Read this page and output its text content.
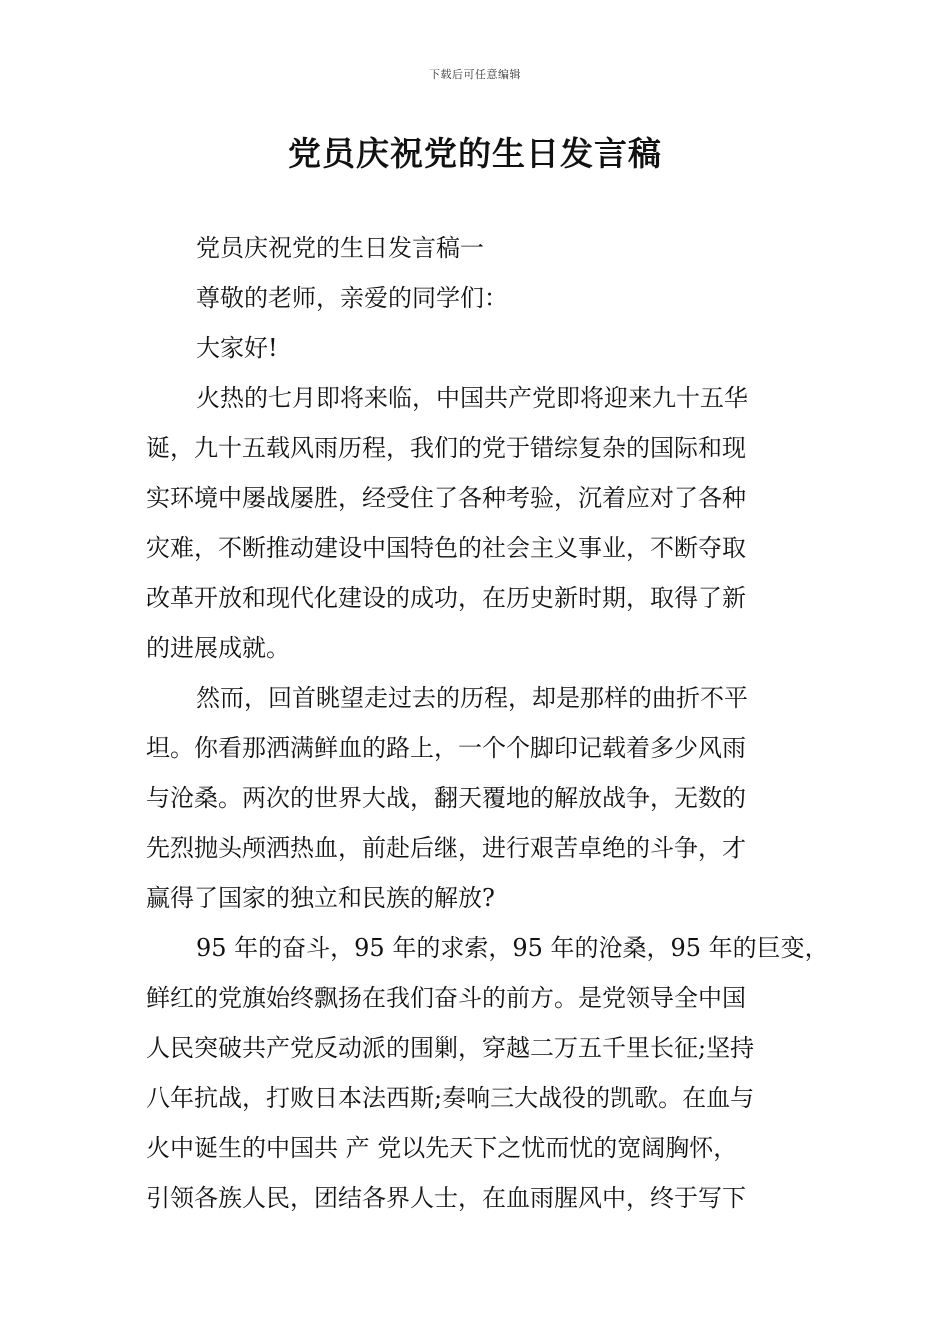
下载后可任意编辑
党员庆祝党的生日发言稿
党员庆祝党的生日发言稿一
尊敬的老师，亲爱的同学们：
大家好!
火热的七月即将来临，中国共产党即将迎来九十五华
诞，九十五载风雨历程，我们的党于错综复杂的国际和现
实环境中屡战屡胜，经受住了各种考验，沉着应对了各种
灾难，不断推动建设中国特色的社会主义事业，不断夺取
改革开放和现代化建设的成功，在历史新时期，取得了新
的进展成就。
然而，回首眺望走过去的历程，却是那样的曲折不平
坦。你看那洒满鲜血的路上，一个个脚印记载着多少风雨
与沧桑。两次的世界大战，翻天覆地的解放战争，无数的
先烈抛头颅洒热血，前赴后继，进行艰苦卓绝的斗争，才
赢得了国家的独立和民族的解放?
95 年的奋斗，95 年的求索，95 年的沧桑，95 年的巨变，
鲜红的党旗始终飘扬在我们奋斗的前方。是党领导全中国
人民突破共产党反动派的围剿，穿越二万五千里长征;坚持
八年抗战，打败日本法西斯;奏响三大战役的凯歌。在血与
火中诞生的中国共 产 党以先天下之忧而忧的宽阔胸怀，
引领各族人民，团结各界人士，在血雨腥风中，终于写下
